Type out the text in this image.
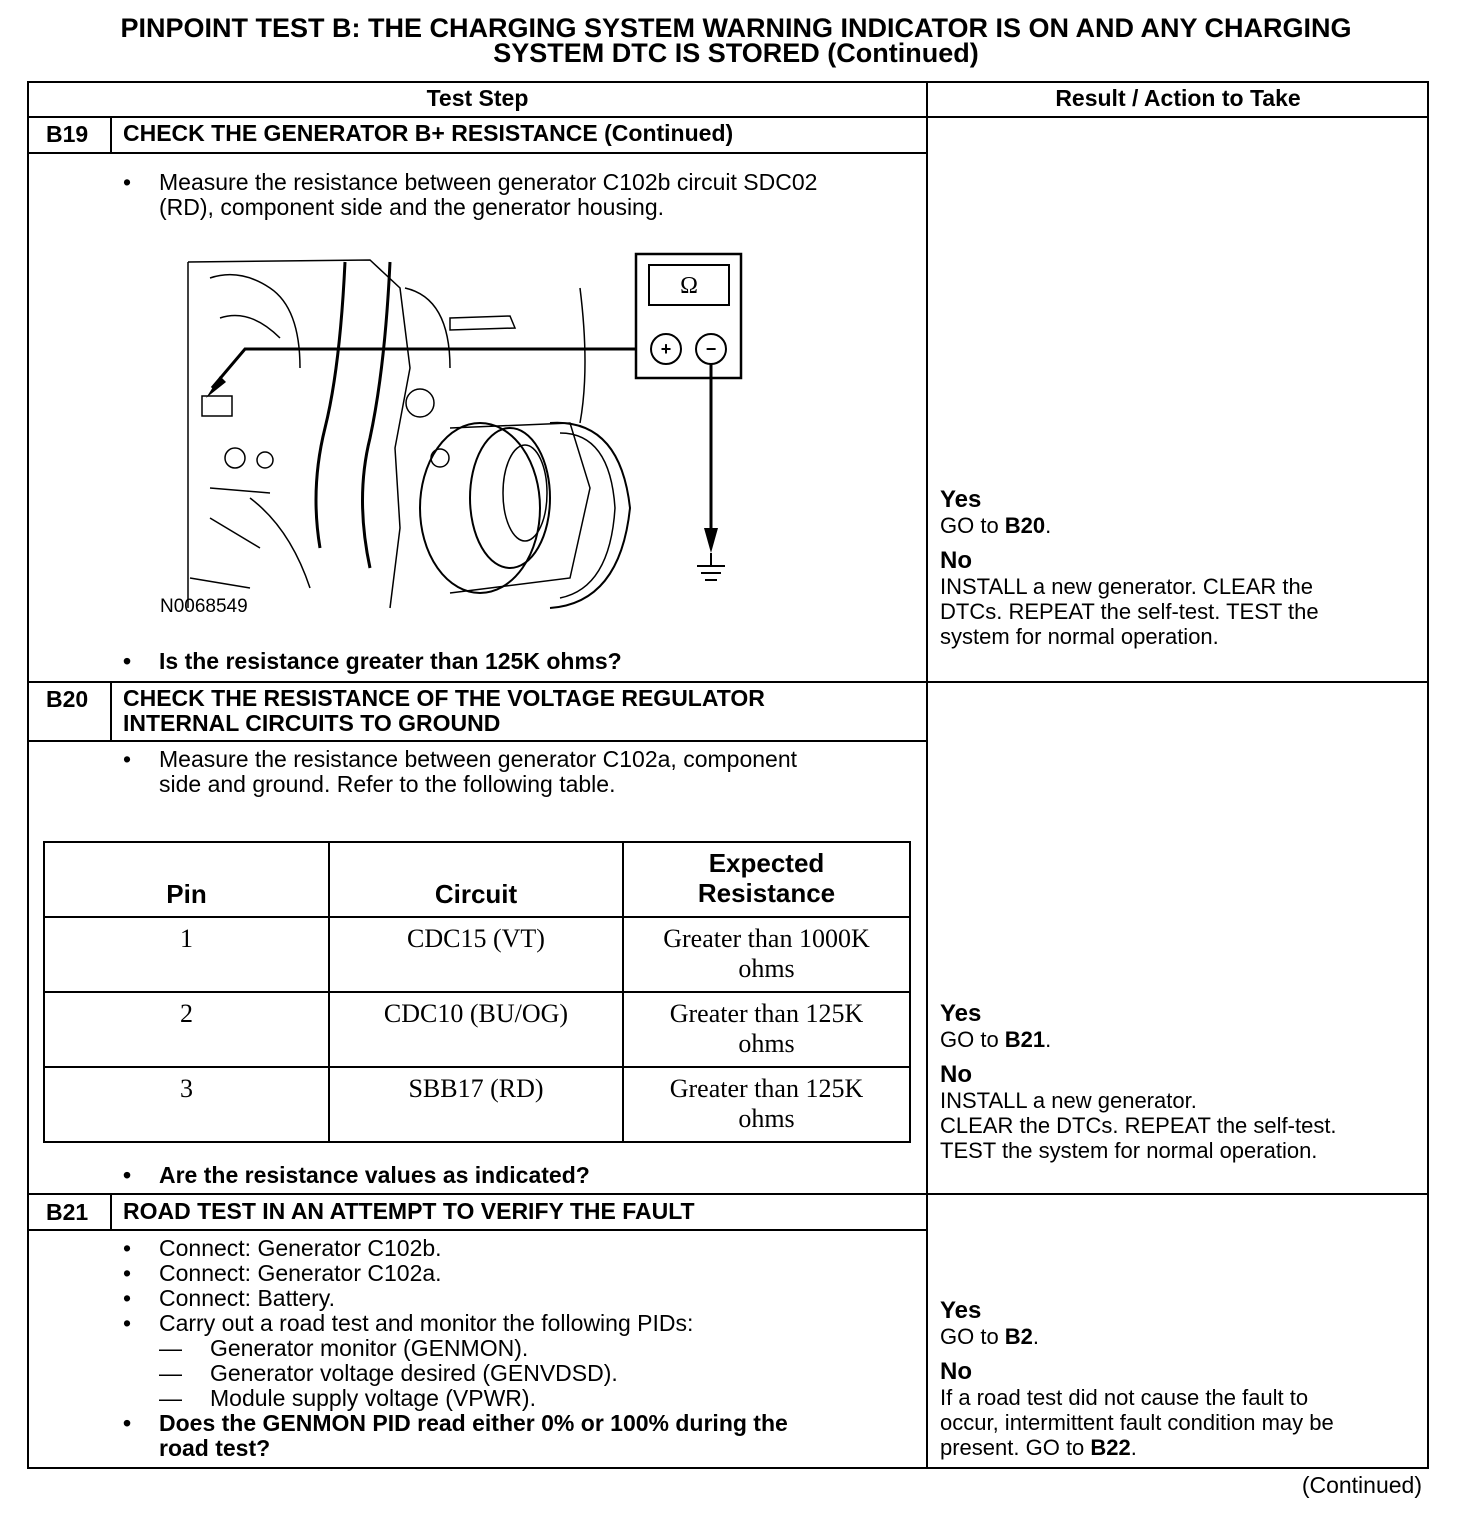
PINPOINT TEST B: THE CHARGING SYSTEM WARNING INDICATOR IS ON AND ANY CHARGING
SYSTEM DTC IS STORED (Continued)
Test Step	Result / Action to Take
B19 CHECK THE GENERATOR B+ RESISTANCE (Continued)
• Measure the resistance between generator C102b circuit SDC02
(RD), component side and the generator housing.
Ω
+ −
N0068549
• Is the resistance greater than 125K ohms?
Yes
GO to B20.
No
INSTALL a new generator. CLEAR the
DTCs. REPEAT the self-test. TEST the
system for normal operation.
B20 CHECK THE RESISTANCE OF THE VOLTAGE REGULATOR
INTERNAL CIRCUITS TO GROUND
• Measure the resistance between generator C102a, component
side and ground. Refer to the following table.
Pin	Circuit
Expected
Resistance
1	CDC15 (VT)	Greater than 1000K
ohms
2	CDC10 (BU/OG)	Greater than 125K
ohms
3	SBB17 (RD)	Greater than 125K
ohms
• Are the resistance values as indicated?
Yes
GO to B21.
No
INSTALL a new generator.
CLEAR the DTCs. REPEAT the self-test.
TEST the system for normal operation.
B21 ROAD TEST IN AN ATTEMPT TO VERIFY THE FAULT
• Connect: Generator C102b.
• Connect: Generator C102a.
• Connect: Battery.
• Carry out a road test and monitor the following PIDs:
— Generator monitor (GENMON).
— Generator voltage desired (GENVDSD).
— Module supply voltage (VPWR).
• Does the GENMON PID read either 0% or 100% during the
road test?
Yes
GO to B2.
No
If a road test did not cause the fault to
occur, intermittent fault condition may be
present. GO to B22.
(Continued)
